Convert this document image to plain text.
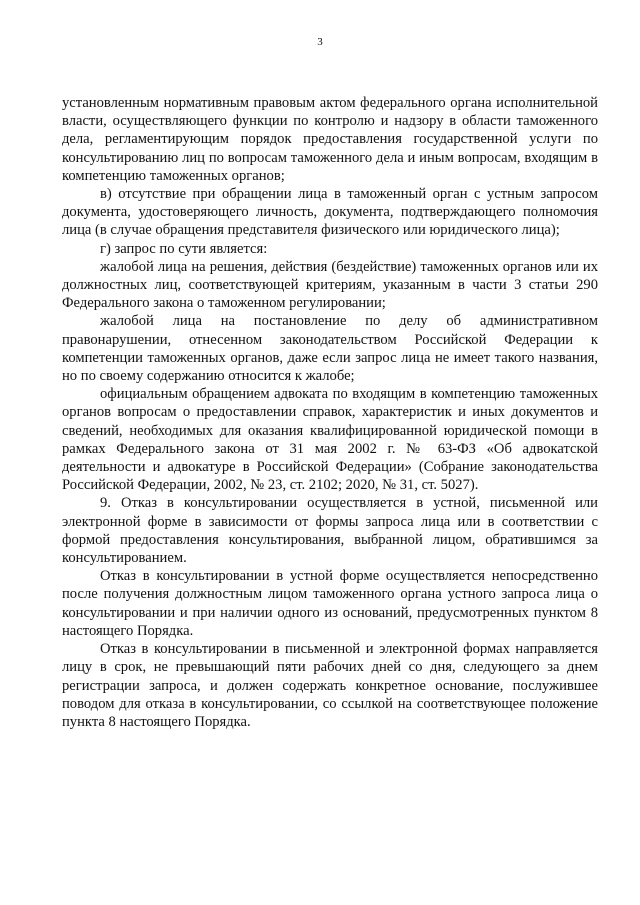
3

установленным нормативным правовым актом федерального органа исполнительной власти, осуществляющего функции по контролю и надзору в области таможенного дела, регламентирующим порядок предоставления государственной услуги по консультированию лиц по вопросам таможенного дела и иным вопросам, входящим в компетенцию таможенных органов;

в) отсутствие при обращении лица в таможенный орган с устным запросом документа, удостоверяющего личность, документа, подтверждающего полномочия лица (в случае обращения представителя физического или юридического лица);

г) запрос по сути является:

жалобой лица на решения, действия (бездействие) таможенных органов или их должностных лиц, соответствующей критериям, указанным в части 3 статьи 290 Федерального закона о таможенном регулировании;

жалобой лица на постановление по делу об административном правонарушении, отнесенном законодательством Российской Федерации к компетенции таможенных органов, даже если запрос лица не имеет такого названия, но по своему содержанию относится к жалобе;

официальным обращением адвоката по входящим в компетенцию таможенных органов вопросам о предоставлении справок, характеристик и иных документов и сведений, необходимых для оказания квалифицированной юридической помощи в рамках Федерального закона от 31 мая 2002 г. № 63-ФЗ «Об адвокатской деятельности и адвокатуре в Российской Федерации» (Собрание законодательства Российской Федерации, 2002, № 23, ст. 2102; 2020, № 31, ст. 5027).

9. Отказ в консультировании осуществляется в устной, письменной или электронной форме в зависимости от формы запроса лица или в соответствии с формой предоставления консультирования, выбранной лицом, обратившимся за консультированием.

Отказ в консультировании в устной форме осуществляется непосредственно после получения должностным лицом таможенного органа устного запроса лица о консультировании и при наличии одного из оснований, предусмотренных пунктом 8 настоящего Порядка.

Отказ в консультировании в письменной и электронной формах направляется лицу в срок, не превышающий пяти рабочих дней со дня, следующего за днем регистрации запроса, и должен содержать конкретное основание, послужившее поводом для отказа в консультировании, со ссылкой на соответствующее положение пункта 8 настоящего Порядка.
